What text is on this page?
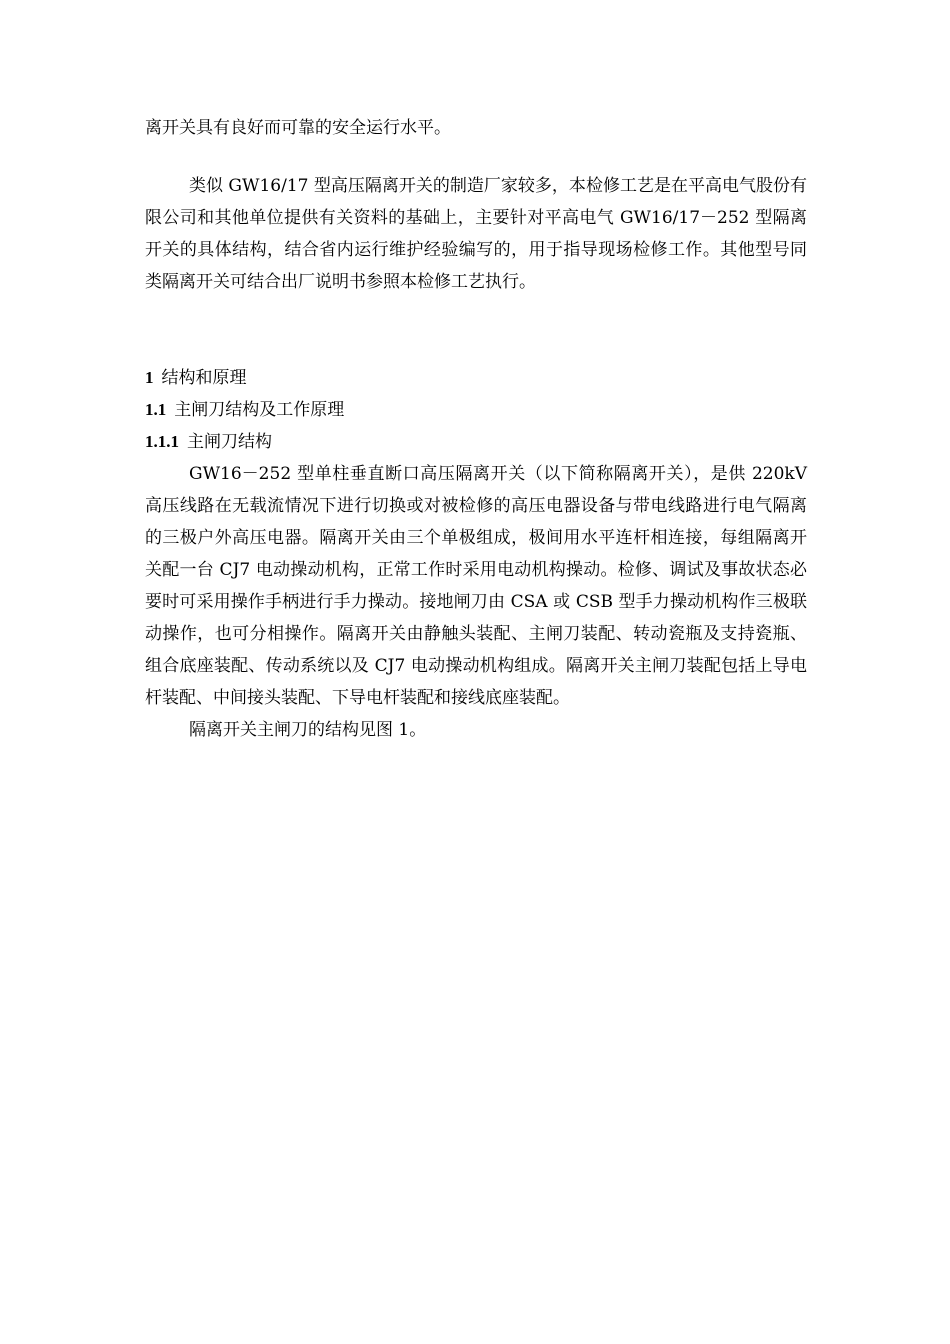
离开关具有良好而可靠的安全运行水平。

类似 GW16/17 型高压隔离开关的制造厂家较多，本检修工艺是在平高电气股份有限公司和其他单位提供有关资料的基础上，主要针对平高电气 GW16/17－252 型隔离开关的具体结构，结合省内运行维护经验编写的，用于指导现场检修工作。其他型号同类隔离开关可结合出厂说明书参照本检修工艺执行。

1 结构和原理
1.1 主闸刀结构及工作原理
1.1.1 主闸刀结构

GW16－252 型单柱垂直断口高压隔离开关（以下简称隔离开关），是供 220kV 高压线路在无载流情况下进行切换或对被检修的高压电器设备与带电线路进行电气隔离的三极户外高压电器。隔离开关由三个单极组成，极间用水平连杆相连接，每组隔离开关配一台 CJ7 电动操动机构，正常工作时采用电动机构操动。检修、调试及事故状态必要时可采用操作手柄进行手力操动。接地闸刀由 CSA 或 CSB 型手力操动机构作三极联动操作，也可分相操作。隔离开关由静触头装配、主闸刀装配、转动瓷瓶及支持瓷瓶、组合底座装配、传动系统以及 CJ7 电动操动机构组成。隔离开关主闸刀装配包括上导电杆装配、中间接头装配、下导电杆装配和接线底座装配。

隔离开关主闸刀的结构见图 1。
